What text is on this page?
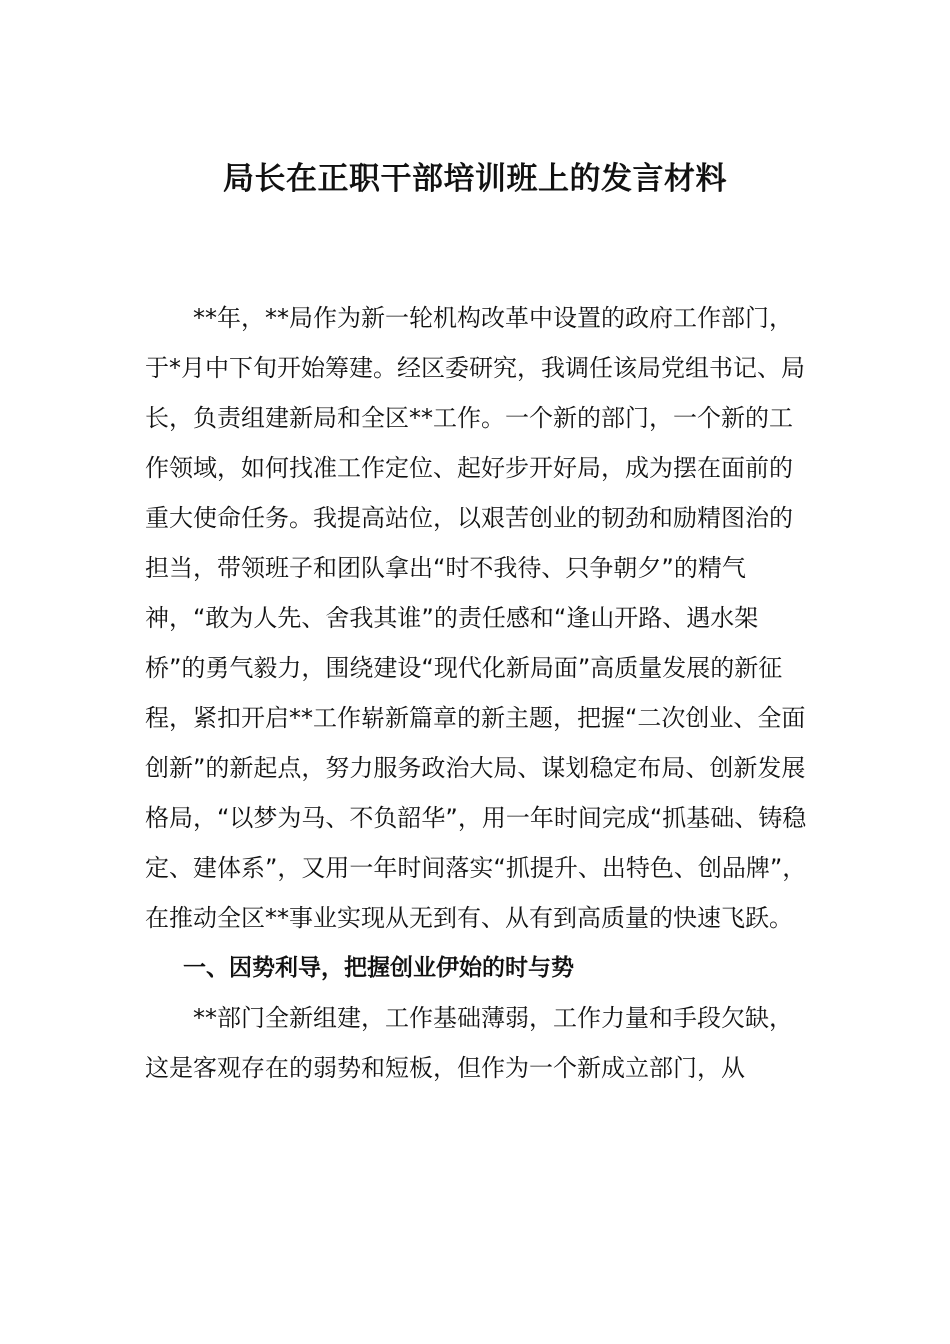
局长在正职干部培训班上的发言材料

**年，**局作为新一轮机构改革中设置的政府工作部门，于*月中下旬开始筹建。经区委研究，我调任该局党组书记、局长，负责组建新局和全区**工作。一个新的部门，一个新的工作领域，如何找准工作定位、起好步开好局，成为摆在面前的重大使命任务。我提高站位，以艰苦创业的韧劲和励精图治的担当，带领班子和团队拿出“时不我待、只争朝夕”的精气神，“敢为人先、舍我其谁”的责任感和“逢山开路、遇水架桥”的勇气毅力，围绕建设“现代化新局面”高质量发展的新征程，紧扣开启**工作崭新篇章的新主题，把握“二次创业、全面创新”的新起点，努力服务政治大局、谋划稳定布局、创新发展格局，“以梦为马、不负韶华”，用一年时间完成“抓基础、铸稳定、建体系”，又用一年时间落实“抓提升、出特色、创品牌”，在推动全区**事业实现从无到有、从有到高质量的快速飞跃。

一、因势利导，把握创业伊始的时与势

**部门全新组建，工作基础薄弱，工作力量和手段欠缺，这是客观存在的弱势和短板，但作为一个新成立部门，从
